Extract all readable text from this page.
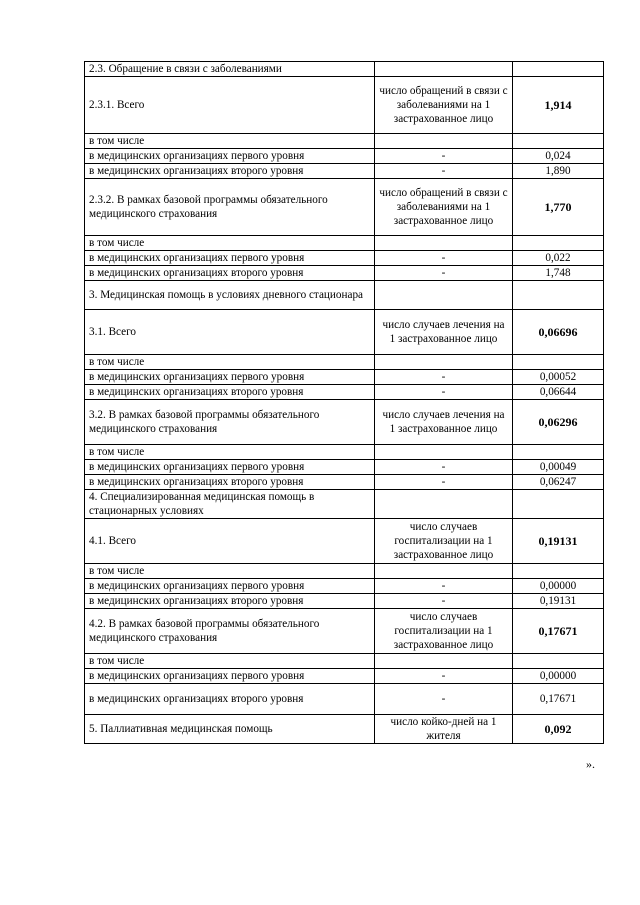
2.3. Обращение в связи с заболеваниями		
2.3.1. Всего	число обращений в связи с заболеваниями на 1 застрахованное лицо	1,914
в том числе		
в медицинских организациях первого уровня	-	0,024
в медицинских организациях второго уровня	-	1,890
2.3.2. В рамках базовой программы обязательного медицинского страхования	число обращений в связи с заболеваниями на 1 застрахованное лицо	1,770
в том числе		
в медицинских организациях первого уровня	-	0,022
в медицинских организациях второго уровня	-	1,748
3. Медицинская помощь в условиях дневного стационара		
3.1. Всего	число случаев лечения на 1 застрахованное лицо	0,06696
в том числе		
в медицинских организациях первого уровня	-	0,00052
в медицинских организациях второго уровня	-	0,06644
3.2. В рамках базовой программы обязательного медицинского страхования	число случаев лечения на 1 застрахованное лицо	0,06296
в том числе		
в медицинских организациях первого уровня	-	0,00049
в медицинских организациях второго уровня	-	0,06247
4. Специализированная медицинская помощь в стационарных условиях		
4.1. Всего	число случаев госпитализации на 1 застрахованное лицо	0,19131
в том числе		
в медицинских организациях первого уровня	-	0,00000
в медицинских организациях второго уровня	-	0,19131
4.2. В рамках базовой программы обязательного медицинского страхования	число случаев госпитализации на 1 застрахованное лицо	0,17671
в том числе		
в медицинских организациях первого уровня	-	0,00000
в медицинских организациях второго уровня	-	0,17671
5. Паллиативная медицинская помощь	число койко-дней на 1 жителя	0,092
».
